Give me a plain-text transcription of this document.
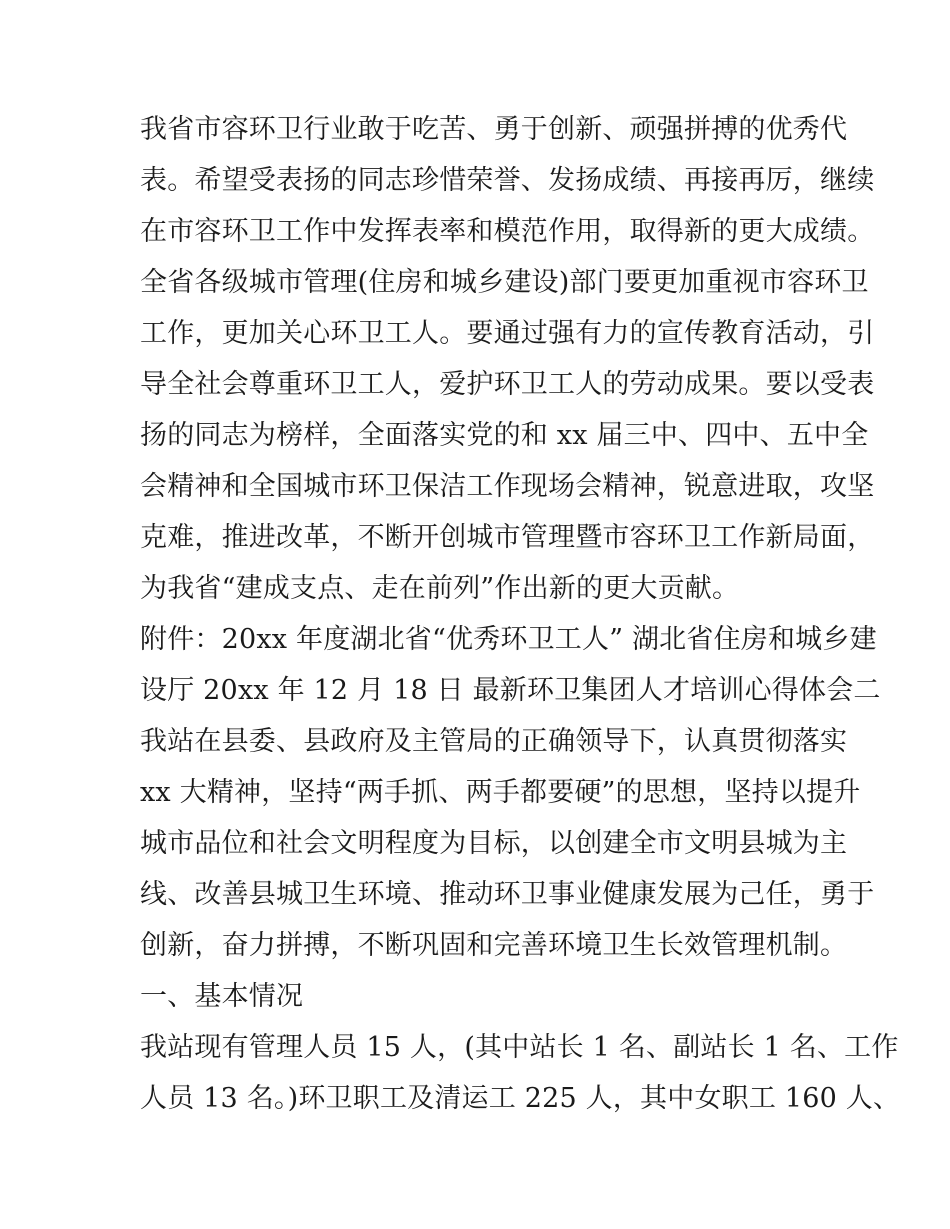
我省市容环卫行业敢于吃苦、勇于创新、顽强拼搏的优秀代
表。希望受表扬的同志珍惜荣誉、发扬成绩、再接再厉，继续
在市容环卫工作中发挥表率和模范作用，取得新的更大成绩。
全省各级城市管理(住房和城乡建设)部门要更加重视市容环卫
工作，更加关心环卫工人。要通过强有力的宣传教育活动，引
导全社会尊重环卫工人，爱护环卫工人的劳动成果。要以受表
扬的同志为榜样，全面落实党的和 xx 届三中、四中、五中全
会精神和全国城市环卫保洁工作现场会精神，锐意进取，攻坚
克难，推进改革，不断开创城市管理暨市容环卫工作新局面，
为我省“建成支点、走在前列”作出新的更大贡献。
附件：20xx 年度湖北省“优秀环卫工人” 湖北省住房和城乡建
设厅 20xx 年 12 月 18 日 最新环卫集团人才培训心得体会二
我站在县委、县政府及主管局的正确领导下，认真贯彻落实
xx 大精神，坚持“两手抓、两手都要硬”的思想，坚持以提升
城市品位和社会文明程度为目标，以创建全市文明县城为主
线、改善县城卫生环境、推动环卫事业健康发展为己任，勇于
创新，奋力拼搏，不断巩固和完善环境卫生长效管理机制。
一、基本情况
我站现有管理人员 15 人，(其中站长 1 名、副站长 1 名、工作
人员 13 名。)环卫职工及清运工 225 人，其中女职工 160 人、
